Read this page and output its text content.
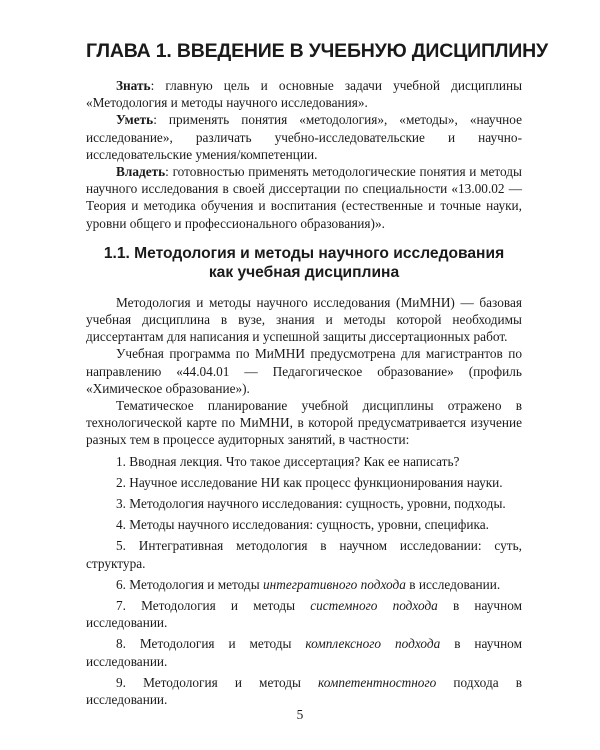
ГЛАВА 1. ВВЕДЕНИЕ В УЧЕБНУЮ ДИСЦИПЛИНУ

Знать: главную цель и основные задачи учебной дисциплины «Методология и методы научного исследования».

Уметь: применять понятия «методология», «методы», «научное исследование», различать учебно-исследовательские и научно-исследовательские умения/компетенции.

Владеть: готовностью применять методологические понятия и методы научного исследования в своей диссертации по специальности «13.00.02 — Теория и методика обучения и воспитания (естественные и точные науки, уровни общего и профессионального образования)».

1.1. Методология и методы научного исследования
как учебная дисциплина

Методология и методы научного исследования (МиМНИ) — базовая учебная дисциплина в вузе, знания и методы которой необходимы диссертантам для написания и успешной защиты диссертационных работ.

Учебная программа по МиМНИ предусмотрена для магистрантов по направлению «44.04.01 — Педагогическое образование» (профиль «Химическое образование»).

Тематическое планирование учебной дисциплины отражено в технологической карте по МиМНИ, в которой предусматривается изучение разных тем в процессе аудиторных занятий, в частности:

1. Вводная лекция. Что такое диссертация? Как ее написать?

2. Научное исследование НИ как процесс функционирования науки.

3. Методология научного исследования: сущность, уровни, подходы.

4. Методы научного исследования: сущность, уровни, специфика.

5. Интегративная методология в научном исследовании: суть, структура.

6. Методология и методы интегративного подхода в исследовании.

7. Методология и методы системного подхода в научном исследовании.

8. Методология и методы комплексного подхода в научном исследовании.

9. Методология и методы компетентностного подхода в исследовании.

5
